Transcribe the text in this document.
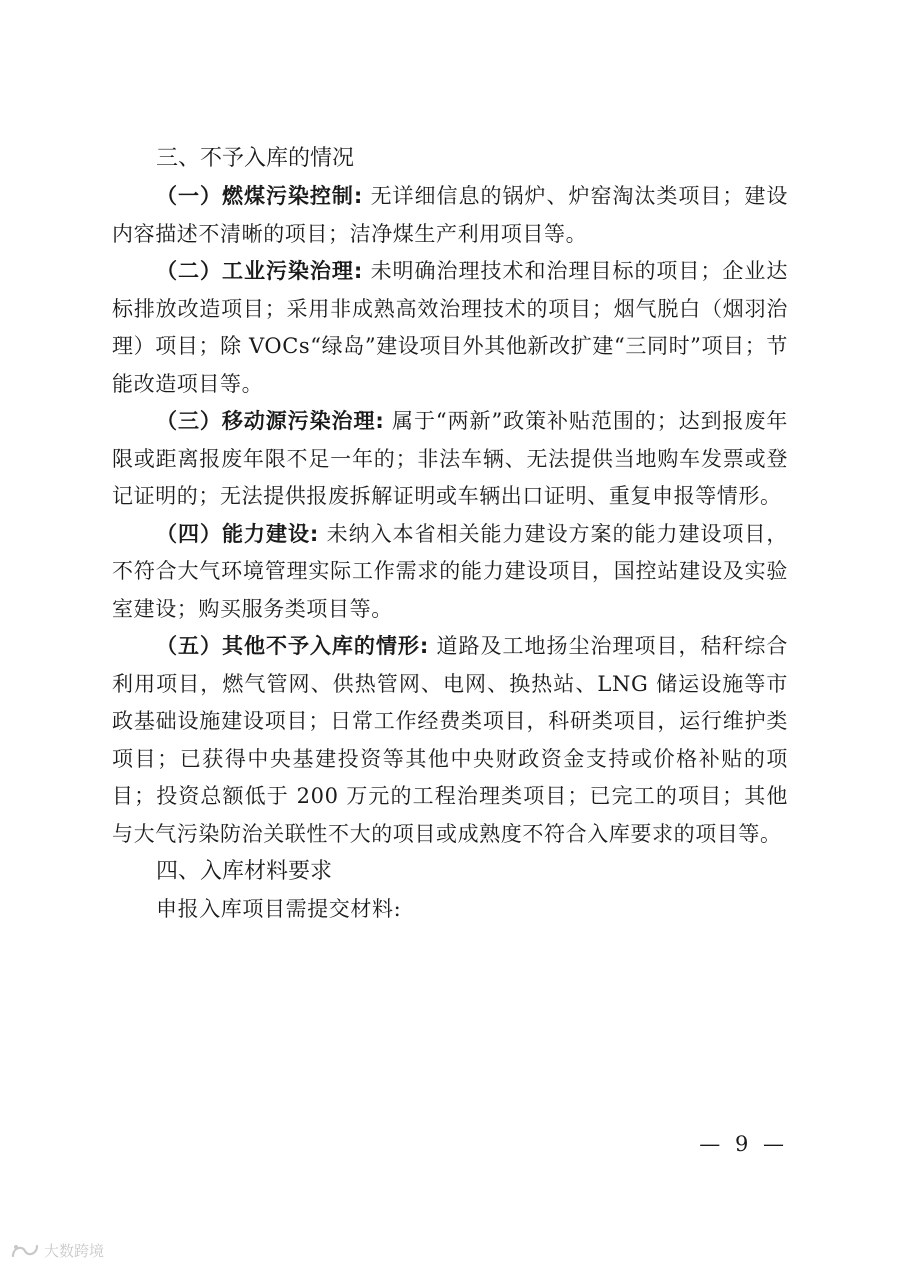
三、不予入库的情况

（一）燃煤污染控制: 无详细信息的锅炉、炉窑淘汰类项目；建设内容描述不清晰的项目；洁净煤生产利用项目等。

（二）工业污染治理: 未明确治理技术和治理目标的项目；企业达标排放改造项目；采用非成熟高效治理技术的项目；烟气脱白（烟羽治理）项目；除 VOCs“绿岛”建设项目外其他新改扩建“三同时”项目；节能改造项目等。

（三）移动源污染治理: 属于“两新”政策补贴范围的；达到报废年限或距离报废年限不足一年的；非法车辆、无法提供当地购车发票或登记证明的；无法提供报废拆解证明或车辆出口证明、重复申报等情形。

（四）能力建设: 未纳入本省相关能力建设方案的能力建设项目，不符合大气环境管理实际工作需求的能力建设项目，国控站建设及实验室建设；购买服务类项目等。

（五）其他不予入库的情形: 道路及工地扬尘治理项目，秸秆综合利用项目，燃气管网、供热管网、电网、换热站、LNG 储运设施等市政基础设施建设项目；日常工作经费类项目，科研类项目，运行维护类项目；已获得中央基建投资等其他中央财政资金支持或价格补贴的项目；投资总额低于 200 万元的工程治理类项目；已完工的项目；其他与大气污染防治关联性不大的项目或成熟度不符合入库要求的项目等。

四、入库材料要求

申报入库项目需提交材料:

— 9 —
大数跨境
